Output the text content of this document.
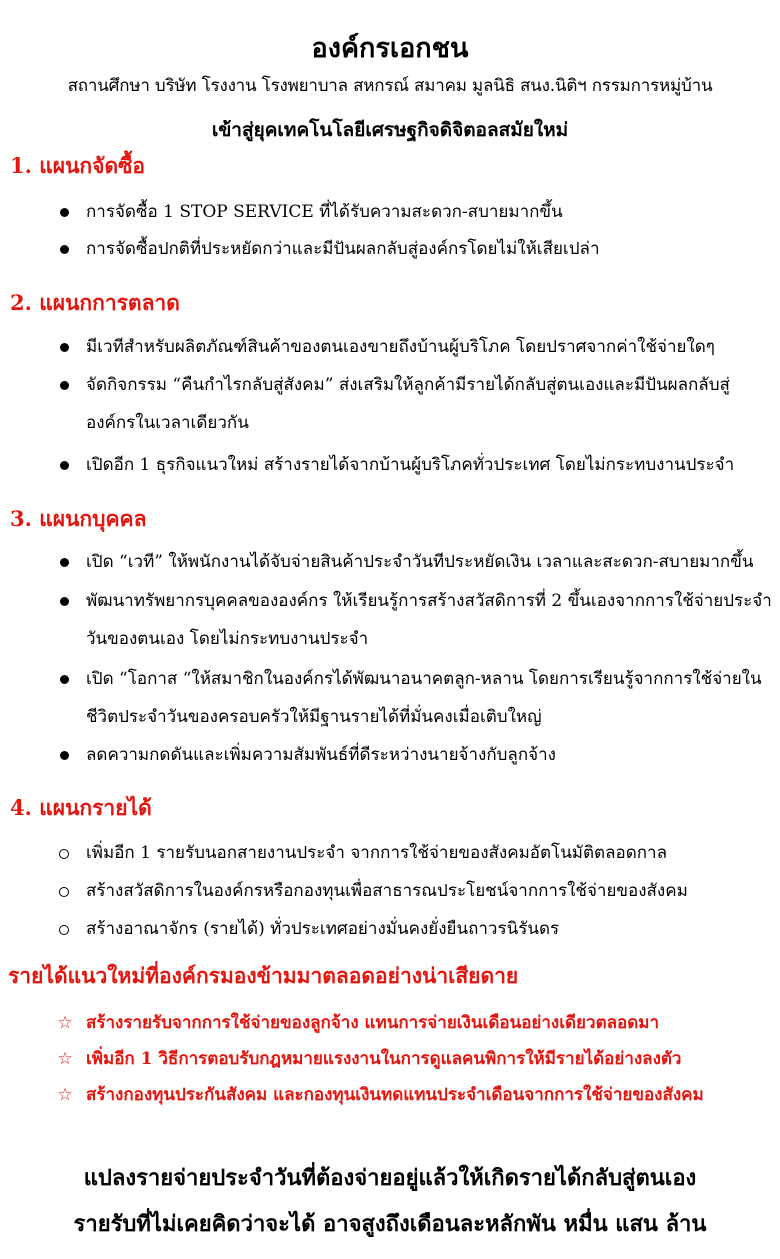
องค์กรเอกชน
สถานศึกษา บริษัท โรงงาน โรงพยาบาล สหกรณ์ สมาคม มูลนิธิ สนง.นิติฯ กรรมการหมู่บ้าน
เข้าสู่ยุคเทคโนโลยีเศรษฐกิจดิจิตอลสมัยใหม่
1. แผนกจัดซื้อ
การจัดซื้อ 1 STOP SERVICE ที่ได้รับความสะดวก-สบายมากขึ้น
การจัดซื้อปกติที่ประหยัดกว่าและมีปันผลกลับสู่องค์กรโดยไม่ให้เสียเปล่า
2. แผนกการตลาด
มีเวทีสำหรับผลิตภัณฑ์สินค้าของตนเองขายถึงบ้านผู้บริโภค โดยปราศจากค่าใช้จ่ายใดๆ
จัดกิจกรรม “คืนกำไรกลับสู่สังคม” ส่งเสริมให้ลูกค้ามีรายได้กลับสู่ตนเองและมีปันผลกลับสู่องค์กรในเวลาเดียวกัน
เปิดอีก 1 ธุรกิจแนวใหม่ สร้างรายได้จากบ้านผู้บริโภคทั่วประเทศ โดยไม่กระทบงานประจำ
3. แผนกบุคคล
เปิด “เวที” ให้พนักงานได้จับจ่ายสินค้าประจำวันทีประหยัดเงิน เวลาและสะดวก-สบายมากขึ้น
พัฒนาทรัพยากรบุคคลขององค์กร ให้เรียนรู้การสร้างสวัสดิการที่ 2 ขึ้นเองจากการใช้จ่ายประจำวันของตนเอง โดยไม่กระทบงานประจำ
เปิด “โอกาส “ให้สมาชิกในองค์กรได้พัฒนาอนาคตลูก-หลาน โดยการเรียนรู้จากการใช้จ่ายในชีวิตประจำวันของครอบครัวให้มีฐานรายได้ที่มั่นคงเมื่อเติบใหญ่
ลดความกดดันและเพิ่มความสัมพันธ์ที่ดีระหว่างนายจ้างกับลูกจ้าง
4. แผนกรายได้
เพิ่มอีก 1 รายรับนอกสายงานประจำ จากการใช้จ่ายของสังคมอัตโนมัติตลอดกาล
สร้างสวัสดิการในองค์กรหรือกองทุนเพื่อสาธารณประโยชน์จากการใช้จ่ายของสังคม
สร้างอาณาจักร (รายได้) ทั่วประเทศอย่างมั่นคงยั่งยืนถาวรนิรันดร
รายได้แนวใหม่ที่องค์กรมองข้ามมาตลอดอย่างน่าเสียดาย
☆ สร้างรายรับจากการใช้จ่ายของลูกจ้าง แทนการจ่ายเงินเดือนอย่างเดียวตลอดมา
☆ เพิ่มอีก 1 วิธีการตอบรับกฎหมายแรงงานในการดูแลคนพิการให้มีรายได้อย่างลงตัว
☆ สร้างกองทุนประกันสังคม และกองทุนเงินทดแทนประจำเดือนจากการใช้จ่ายของสังคม
แปลงรายจ่ายประจำวันที่ต้องจ่ายอยู่แล้วให้เกิดรายได้กลับสู่ตนเอง
รายรับที่ไม่เคยคิดว่าจะได้ อาจสูงถึงเดือนละหลักพัน หมื่น แสน ล้าน
